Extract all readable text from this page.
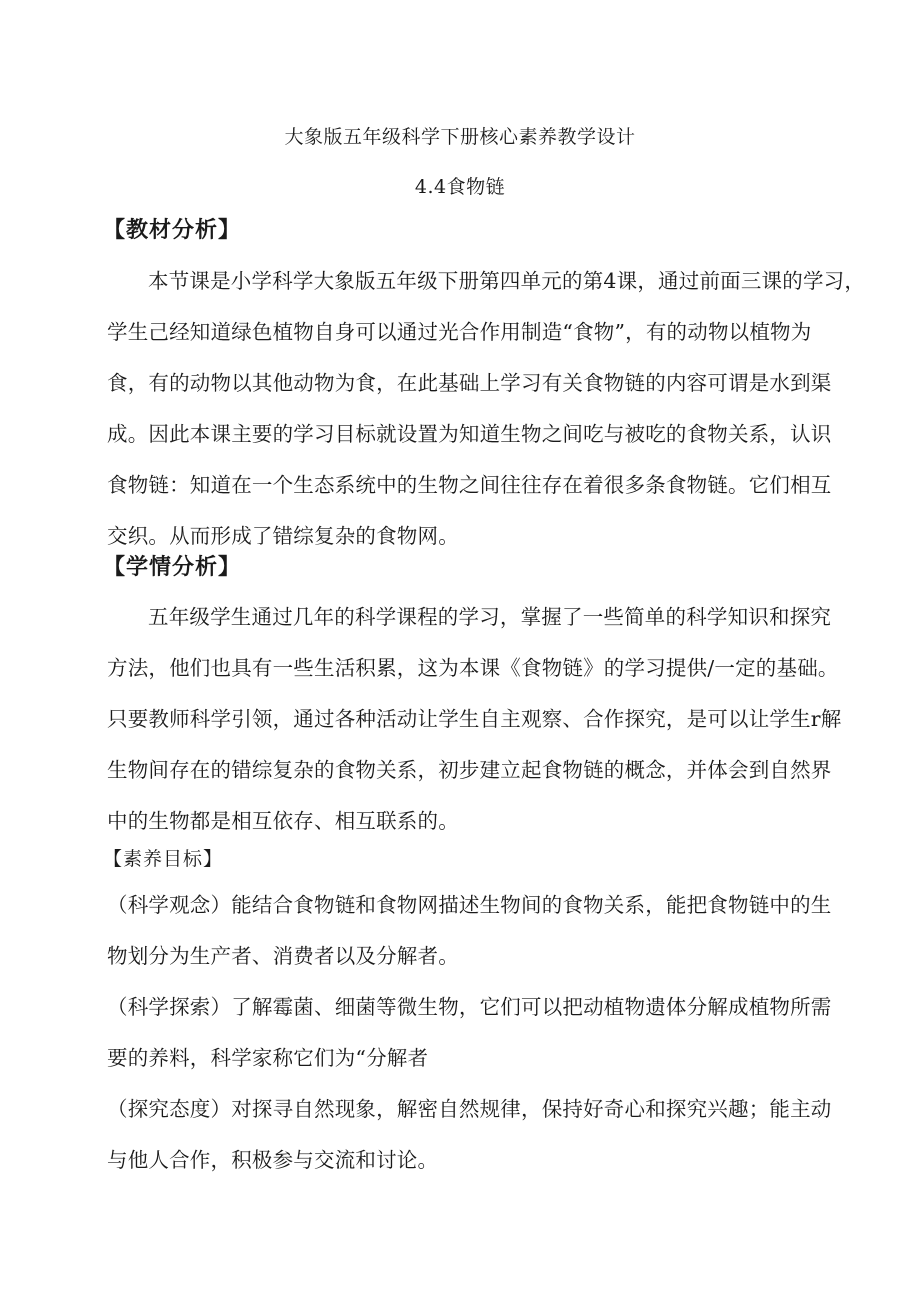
大象版五年级科学下册核心素养教学设计
4.4食物链
【教材分析】
本节课是小学科学大象版五年级下册第四单元的第4课，通过前面三课的学习，
学生己经知道绿色植物自身可以通过光合作用制造“食物”，有的动物以植物为
食，有的动物以其他动物为食，在此基础上学习有关食物链的内容可谓是水到渠
成。因此本课主要的学习目标就设置为知道生物之间吃与被吃的食物关系，认识
食物链：知道在一个生态系统中的生物之间往往存在着很多条食物链。它们相互
交织。从而形成了错综复杂的食物网。
【学情分析】
五年级学生通过几年的科学课程的学习，掌握了一些简单的科学知识和探究
方法，他们也具有一些生活积累，这为本课《食物链》的学习提供/一定的基础。
只要教师科学引领，通过各种活动让学生自主观察、合作探究，是可以让学生r解
生物间存在的错综复杂的食物关系，初步建立起食物链的概念，并体会到自然界
中的生物都是相互依存、相互联系的。
【素养目标】
（科学观念）能结合食物链和食物网描述生物间的食物关系，能把食物链中的生
物划分为生产者、消费者以及分解者。
（科学探索）了解霉菌、细菌等微生物，它们可以把动植物遗体分解成植物所需
要的养料，科学家称它们为“分解者
（探究态度）对探寻自然现象，解密自然规律，保持好奇心和探究兴趣；能主动
与他人合作，积极参与交流和讨论。
